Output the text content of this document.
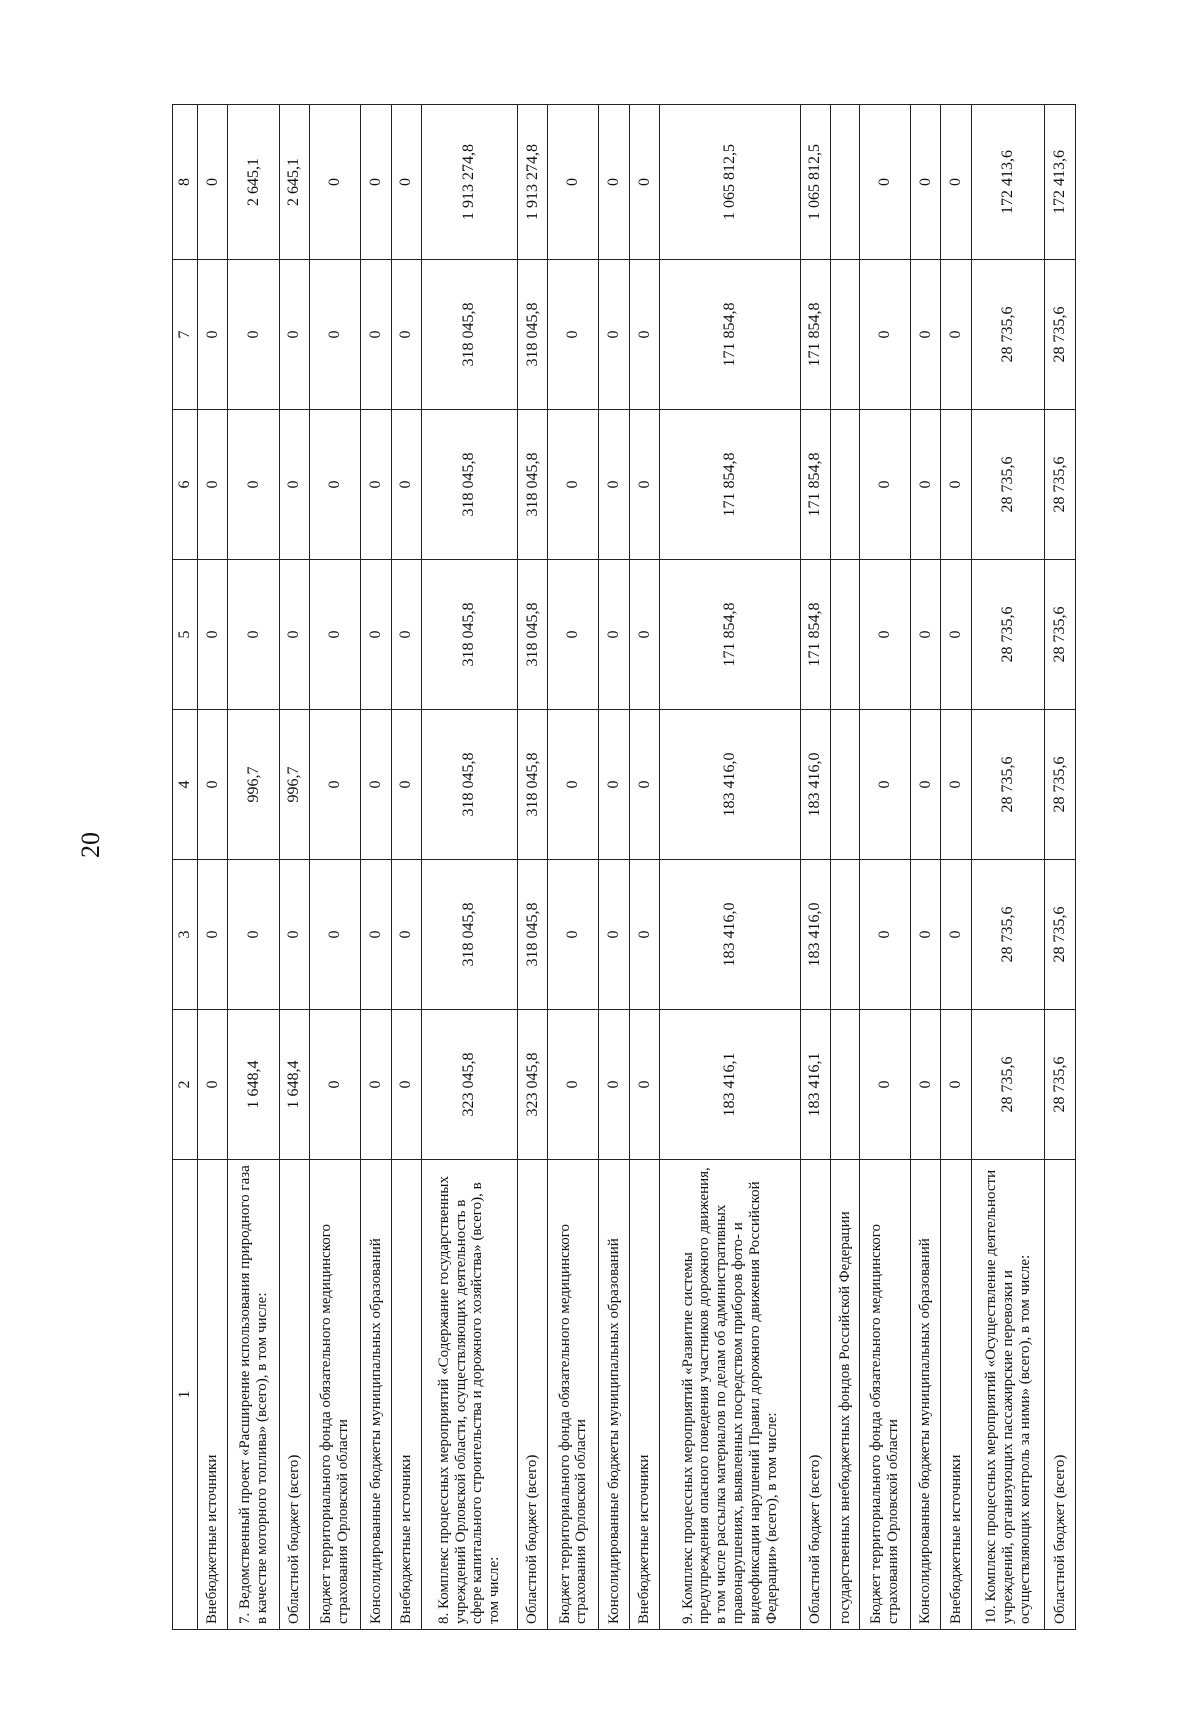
20
1	2	3	4	5	6	7	8
Внебюджетные источники	0	0	0	0	0	0	0
7. Ведомственный проект «Расширение использования природного газа в качестве моторного топлива» (всего), в том числе:	1 648,4	0	996,7	0	0	0	2 645,1
Областной бюджет (всего)	1 648,4	0	996,7	0	0	0	2 645,1
Бюджет территориального фонда обязательного медицинского страхования Орловской области	0	0	0	0	0	0	0
Консолидированные бюджеты муниципальных образований	0	0	0	0	0	0	0
Внебюджетные источники	0	0	0	0	0	0	0
8. Комплекс процессных мероприятий «Содержание государственных учреждений Орловской области, осуществляющих деятельность в сфере капитального строительства и дорожного хозяйства» (всего), в том числе:	323 045,8	318 045,8	318 045,8	318 045,8	318 045,8	318 045,8	1 913 274,8
Областной бюджет (всего)	323 045,8	318 045,8	318 045,8	318 045,8	318 045,8	318 045,8	1 913 274,8
Бюджет территориального фонда обязательного медицинского страхования Орловской области	0	0	0	0	0	0	0
Консолидированные бюджеты муниципальных образований	0	0	0	0	0	0	0
Внебюджетные источники	0	0	0	0	0	0	0
9. Комплекс процессных мероприятий «Развитие системы предупреждения опасного поведения участников дорожного движения, в том числе рассылка материалов по делам об административных правонарушениях, выявленных посредством приборов фото- и видеофиксации нарушений Правил дорожного движения Российской Федерации» (всего), в том числе:	183 416,1	183 416,0	183 416,0	171 854,8	171 854,8	171 854,8	1 065 812,5
Областной бюджет (всего)	183 416,1	183 416,0	183 416,0	171 854,8	171 854,8	171 854,8	1 065 812,5
государственных внебюджетных фондов Российской Федерации							
Бюджет территориального фонда обязательного медицинского страхования Орловской области	0	0	0	0	0	0	0
Консолидированные бюджеты муниципальных образований	0	0	0	0	0	0	0
Внебюджетные источники	0	0	0	0	0	0	0
10. Комплекс процессных мероприятий «Осуществление деятельности учреждений, организующих пассажирские перевозки и осуществляющих контроль за ними» (всего), в том числе:	28 735,6	28 735,6	28 735,6	28 735,6	28 735,6	28 735,6	172 413,6
Областной бюджет (всего)	28 735,6	28 735,6	28 735,6	28 735,6	28 735,6	28 735,6	172 413,6
